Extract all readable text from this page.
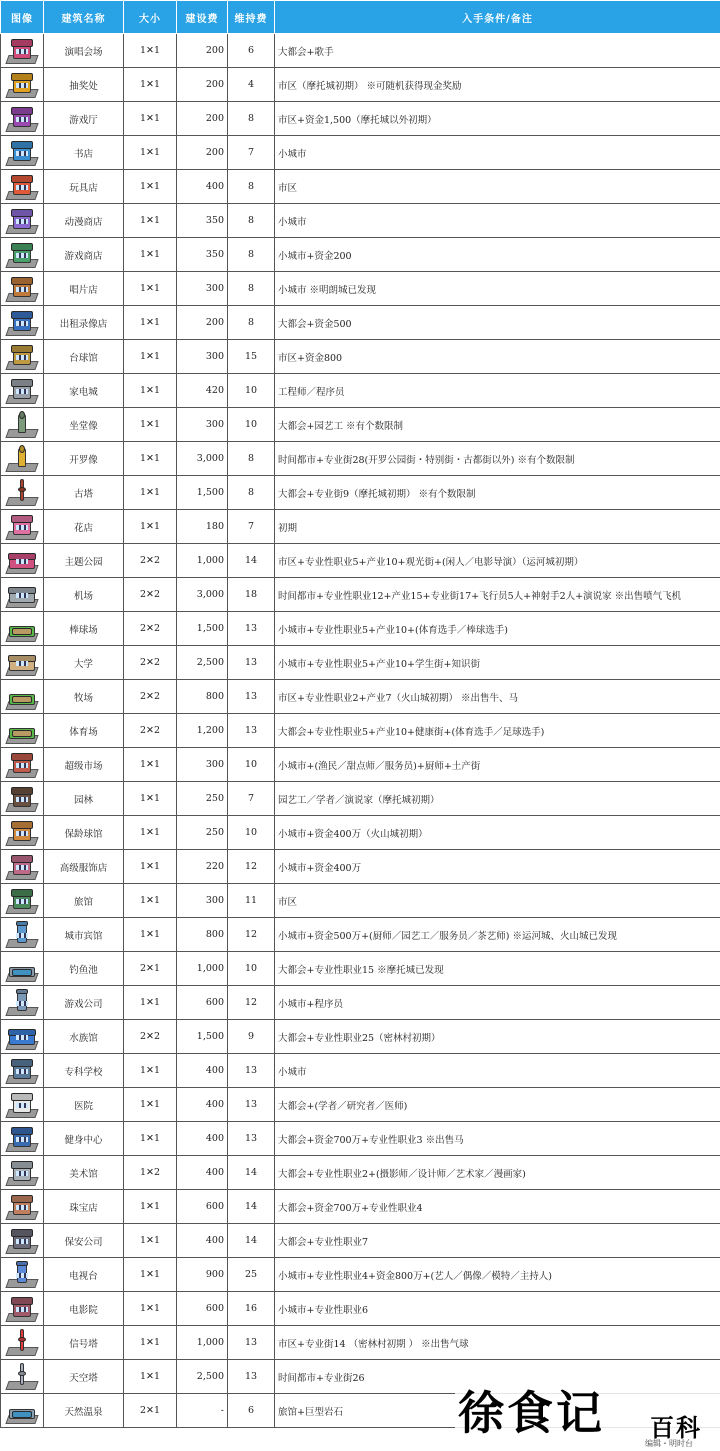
图像	建筑名称	大小	建设费	维持费	入手条件/备注

	演唱会场	1✕1	200	6	大都会+歌手

	抽奖处	1✕1	200	4	市区（摩托城初期） ※可随机获得现金奖励

	游戏厅	1✕1	200	8	市区+资金1,500（摩托城以外初期）

	书店	1✕1	200	7	小城市

	玩具店	1✕1	400	8	市区

	动漫商店	1✕1	350	8	小城市

	游戏商店	1✕1	350	8	小城市+资金200

	唱片店	1✕1	300	8	小城市 ※明朗城已发现

	出租录像店	1✕1	200	8	大都会+资金500

	台球馆	1✕1	300	15	市区+资金800

	家电城	1✕1	420	10	工程师／程序员

	坐堂像	1✕1	300	10	大都会+园艺工 ※有个数限制

	开罗像	1✕1	3,000	8	时间都市+专业街28(开罗公园街・特别街・古都街以外) ※有个数限制

	古塔	1✕1	1,500	8	大都会+专业街9（摩托城初期） ※有个数限制

	花店	1✕1	180	7	初期

	主题公园	2✕2	1,000	14	市区+专业性职业5+产业10+观光街+(闲人／电影导演）（运河城初期）

	机场	2✕2	3,000	18	时间都市+专业性职业12+产业15+专业街17+飞行员5人+神射手2人+演说家 ※出售喷气飞机

	棒球场	2✕2	1,500	13	小城市+专业性职业5+产业10+(体育选手／棒球选手)

	大学	2✕2	2,500	13	小城市+专业性职业5+产业10+学生街+知识街

	牧场	2✕2	800	13	市区+专业性职业2+产业7（火山城初期） ※出售牛、马

	体育场	2✕2	1,200	13	大都会+专业性职业5+产业10+健康街+(体育选手／足球选手)

	超级市场	1✕1	300	10	小城市+(渔民／甜点师／服务员)+厨师+土产街

	园林	1✕1	250	7	园艺工／学者／演说家（摩托城初期）

	保龄球馆	1✕1	250	10	小城市+资金400万（火山城初期）

	高级服饰店	1✕1	220	12	小城市+资金400万

	旅馆	1✕1	300	11	市区

	城市宾馆	1✕1	800	12	小城市+资金500万+(厨师／园艺工／服务员／茶艺师) ※运河城、火山城已发现

	钓鱼池	2✕1	1,000	10	大都会+专业性职业15 ※摩托城已发现

	游戏公司	1✕1	600	12	小城市+程序员

	水族馆	2✕2	1,500	9	大都会+专业性职业25（密林村初期）

	专科学校	1✕1	400	13	小城市

	医院	1✕1	400	13	大都会+(学者／研究者／医师)

	健身中心	1✕1	400	13	大都会+资金700万+专业性职业3 ※出售马

	美术馆	1✕2	400	14	大都会+专业性职业2+(摄影师／设计师／艺术家／漫画家)

	珠宝店	1✕1	600	14	大都会+资金700万+专业性职业4

	保安公司	1✕1	400	14	大都会+专业性职业7

	电视台	1✕1	900	25	小城市+专业性职业4+资金800万+(艺人／偶像／模特／主持人)

	电影院	1✕1	600	16	小城市+专业性职业6

	信号塔	1✕1	1,000	13	市区+专业街14 （密林村初期 ） ※出售气球

	天空塔	1✕1	2,500	13	时间都市+专业街26

	天然温泉	2✕1	-	6	旅馆+巨型岩石	徐食记 百科
编辑・明时台
